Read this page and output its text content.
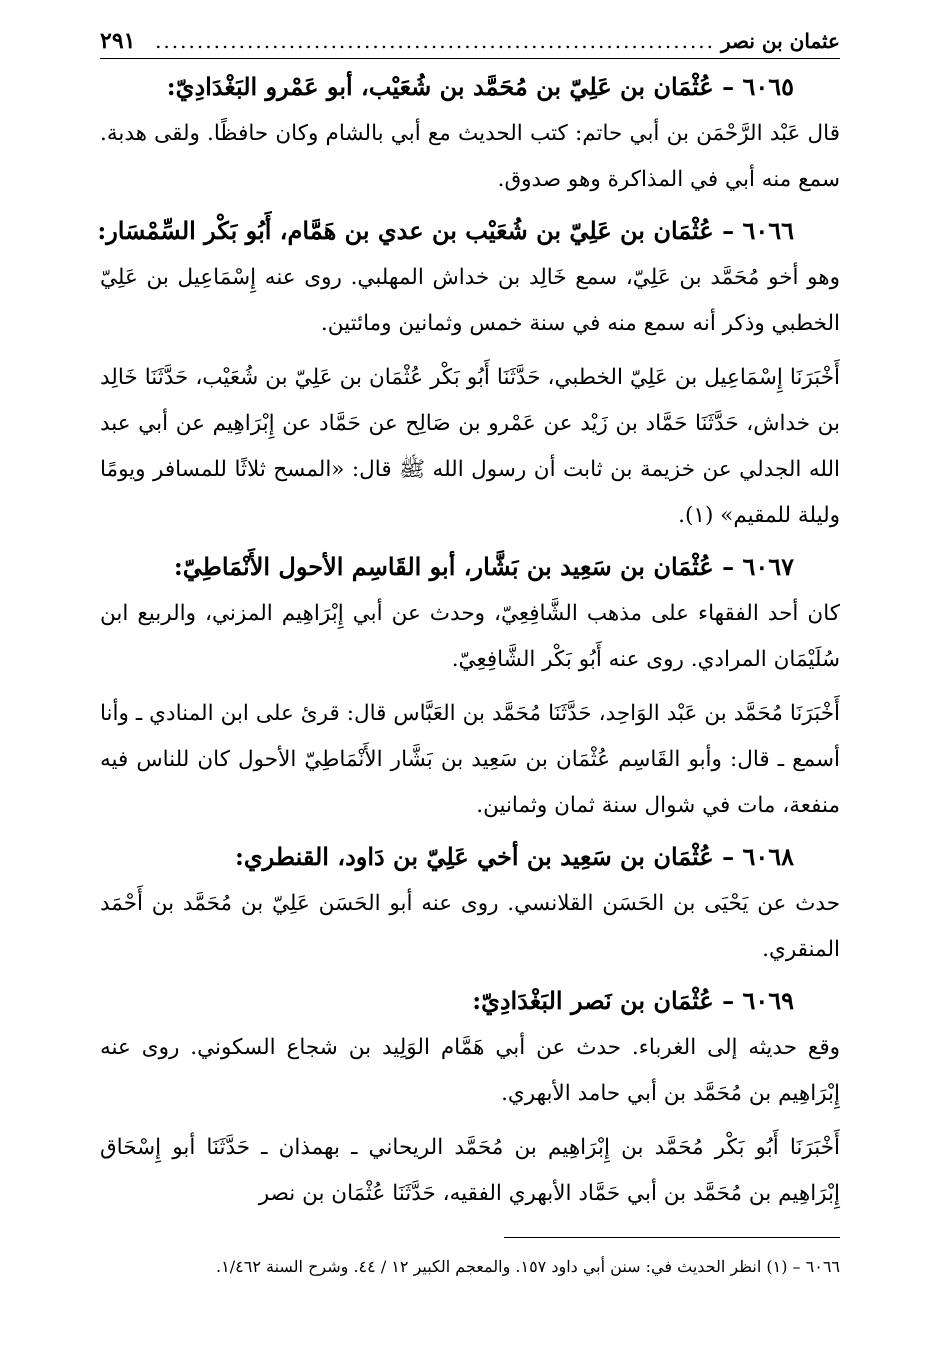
عثمان بن نصر
...................................................................
٢٩١
٦٠٦٥ – عُثْمَان بن عَلِيّ بن مُحَمَّد بن شُعَيْب، أبو عَمْرو البَغْدَادِيّ:

قال عَبْد الرَّحْمَن بن أبي حاتم: كتب الحديث مع أبي بالشام وكان حافظًا. ولقى هدبة. سمع منه أبي في المذاكرة وهو صدوق.

٦٠٦٦ – عُثْمَان بن عَلِيّ بن شُعَيْب بن عدي بن هَمَّام، أَبُو بَكْر السِّمْسَار:

وهو أخو مُحَمَّد بن عَلِيّ، سمع خَالِد بن خداش المهلبي. روى عنه إِسْمَاعِيل بن عَلِيّ الخطبي وذكر أنه سمع منه في سنة خمس وثمانين ومائتين.

أَخْبَرَنَا إِسْمَاعِيل بن عَلِيّ الخطبي، حَدَّثَنَا أَبُو بَكْر عُثْمَان بن عَلِيّ بن شُعَيْب، حَدَّثَنَا خَالِد بن خداش، حَدَّثَنَا حَمَّاد بن زَيْد عن عَمْرو بن صَالِح عن حَمَّاد عن إِبْرَاهِيم عن أبي عبد الله الجدلي عن خزيمة بن ثابت أن رسول الله ﷺ قال: «المسح ثلاثًا للمسافر ويومًا وليلة للمقيم» (١).

٦٠٦٧ – عُثْمَان بن سَعِيد بن بَشَّار، أبو القَاسِم الأحول الأَنْمَاطِيّ:

كان أحد الفقهاء على مذهب الشَّافِعِيّ، وحدث عن أبي إِبْرَاهِيم المزني، والربيع ابن سُلَيْمَان المرادي. روى عنه أَبُو بَكْر الشَّافِعِيّ.

أَخْبَرَنَا مُحَمَّد بن عَبْد الوَاحِد، حَدَّثَنَا مُحَمَّد بن العَبَّاس قال: قرئ على ابن المنادي ـ وأنا أسمع ـ قال: وأبو القَاسِم عُثْمَان بن سَعِيد بن بَشَّار الأَنْمَاطِيّ الأحول كان للناس فيه منفعة، مات في شوال سنة ثمان وثمانين.

٦٠٦٨ – عُثْمَان بن سَعِيد بن أخي عَلِيّ بن دَاود، القنطري:

حدث عن يَحْيَى بن الحَسَن القلانسي. روى عنه أبو الحَسَن عَلِيّ بن مُحَمَّد بن أَحْمَد المنقري.

٦٠٦٩ – عُثْمَان بن نَصر البَغْدَادِيّ:

وقع حديثه إلى الغرباء. حدث عن أبي هَمَّام الوَلِيد بن شجاع السكوني. روى عنه إِبْرَاهِيم بن مُحَمَّد بن أبي حامد الأبهري.

أَخْبَرَنَا أَبُو بَكْر مُحَمَّد بن إِبْرَاهِيم بن مُحَمَّد الريحاني ـ بهمذان ـ حَدَّثَنَا أبو إِسْحَاق إِبْرَاهِيم بن مُحَمَّد بن أبي حَمَّاد الأبهري الفقيه، حَدَّثَنَا عُثْمَان بن نصر

٦٠٦٦ – (١) انظر الحديث في: سنن أبي داود ١٥٧. والمعجم الكبير ١٢ / ٤٤. وشرح السنة ١/٤٦٢.
